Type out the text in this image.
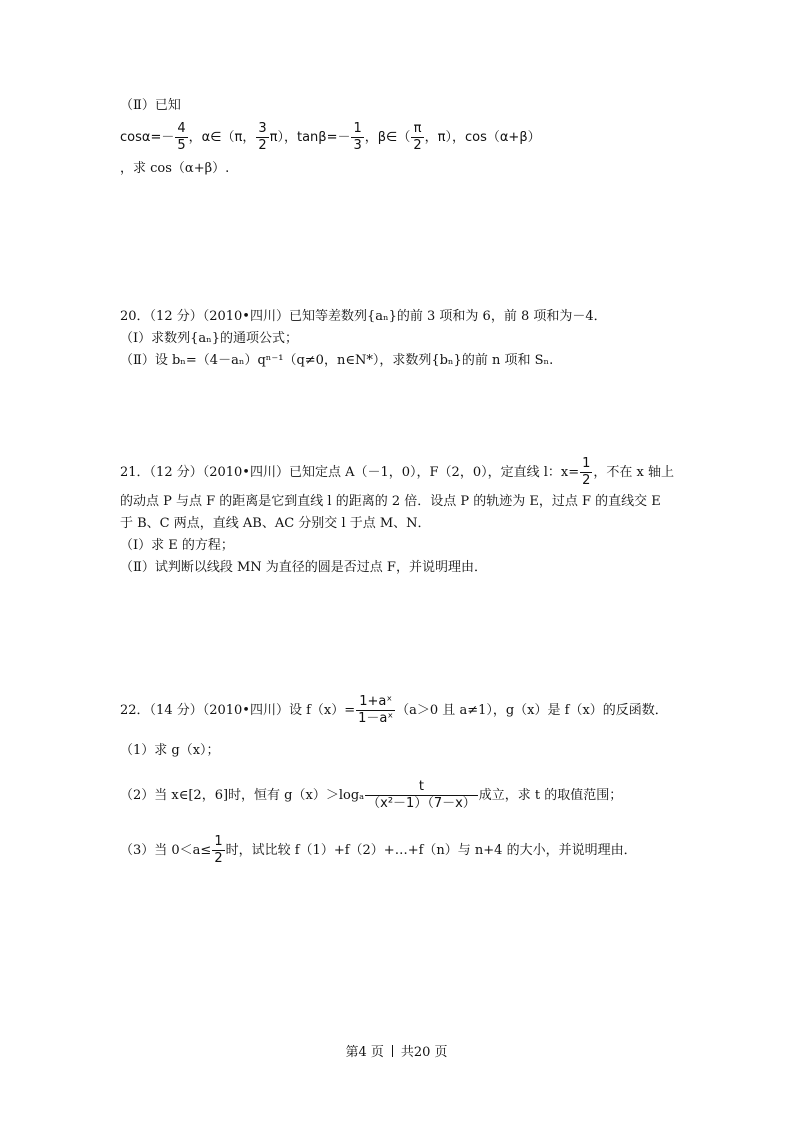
（Ⅱ）已知
$\cos\alpha=- \frac{4}{5}$ ，α∈（π， $\frac{3}{2} \pi$），$\tan\beta=- \frac{1}{3}$ ，β∈（ $\frac{\pi}{2}$ ，π），cos（α+β）
，求 cos（α+β）.
20．（12 分）（2010•四川）已知等差数列{aₙ}的前 3 项和为 6，前 8 项和为－4．
（Ⅰ）求数列{aₙ}的通项公式；
（Ⅱ）设 bₙ=（4－aₙ）qⁿ⁻¹（q≠0，n∈N*），求数列{bₙ}的前 n 项和 Sₙ.
21．（12 分）（2010•四川）已知定点 A（－1，0），F（2，0），定直线 l：$x= \frac{1}{2}$ ，不在 x 轴上
的动点 P 与点 F 的距离是它到直线 l 的距离的 2 倍．设点 P 的轨迹为 E，过点 F 的直线交 E
于 B、C 两点，直线 AB、AC 分别交 l 于点 M、N．
（Ⅰ）求 E 的方程；
（Ⅱ）试判断以线段 MN 为直径的圆是否过点 F，并说明理由．
22．（14 分）（2010•四川）设 $f(x)= \frac{\text{1+aˣ}}{\text{1－aˣ}} (a>0$ 且 a≠1），g（x）是 f（x）的反函数．
（1）求 g（x）；
（2）当 x∈[2，6]时，恒有 $g(x)>\log_a \frac{t}{\text{（x²－1）（7－x）}}$ 成立，求 t 的取值范围；
（3）当 $0<a\le \frac{1}{2}$ 时，试比较 f（1）+f（2）+…+f（n）与 n+4 的大小，并说明理由．
第4 页 共20 页
